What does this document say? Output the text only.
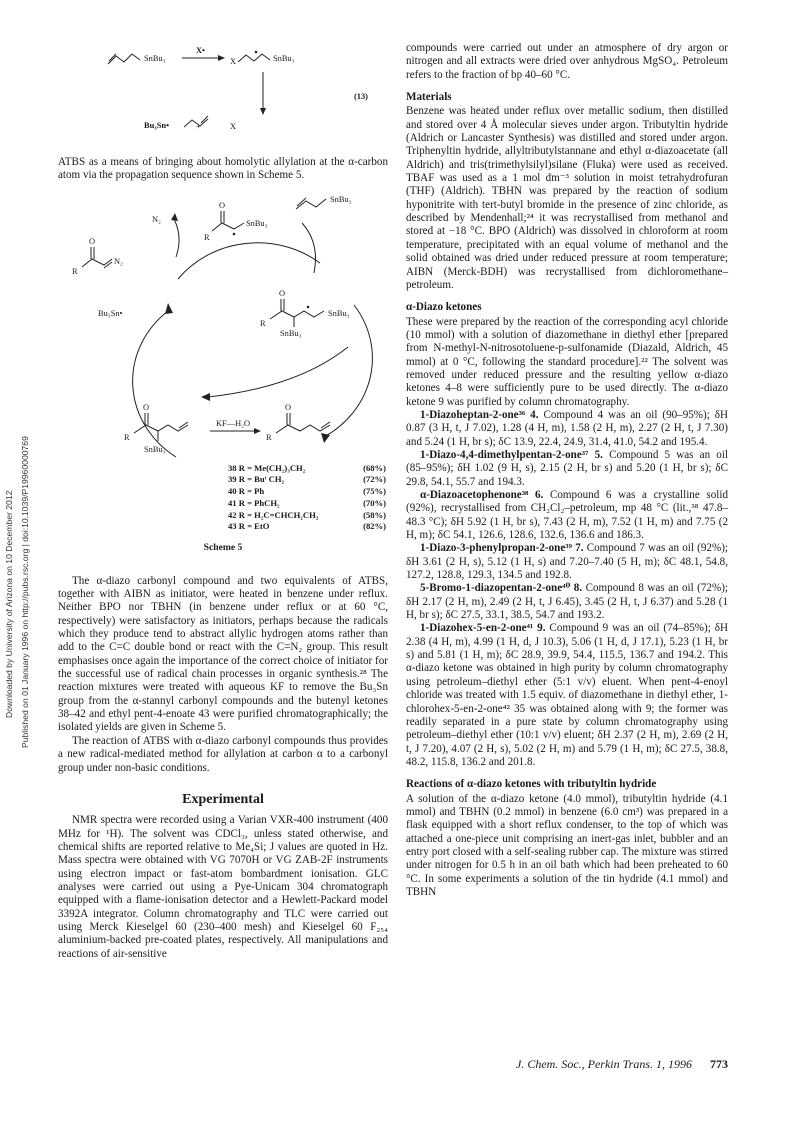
Downloaded by University of Arizona on 10 December 2012 Published on 01 January 1996 on http://pubs.rsc.org | doi:10.1039/P19960000769
SnBu₃
X•
X	SnBu₃
Bu₃Sn•	+	X
(13)

ATBS as a means of bringing about homolytic allylation at the α-carbon atom via the propagation sequence shown in Scheme 5.

N₂
O
R
SnBu₃
SnBu₃
O
R
N₂
Bu₃Sn•
O
R
SnBu₃
SnBu₃
O
R
SnBu₃
KF—H₂O
O
R
38 R = Me(CH₂)₃CH₂	(68%)
39 R = Buᵗ CH₂	(72%)
40 R = Ph	(75%)
41 R = PhCH₂	(70%)
42 R = H₂C=CHCH₂CH₂	(58%)
43 R = EtO	(82%)
Scheme 5

The α-diazo carbonyl compound and two equivalents of ATBS, together with AIBN as initiator, were heated in benzene under reflux. Neither BPO nor TBHN (in benzene under reflux or at 60 °C, respectively) were satisfactory as initiators, perhaps because the radicals which they produce tend to abstract allylic hydrogen atoms rather than add to the C=C double bond or react with the C=N₂ group. This result emphasises once again the importance of the correct choice of initiator for the successful use of radical chain processes in organic synthesis.²⁸ The reaction mixtures were treated with aqueous KF to remove the Bu₃Sn group from the α-stannyl carbonyl compounds and the butenyl ketones 38–42 and ethyl pent-4-enoate 43 were purified chromatographically; the isolated yields are given in Scheme 5.

The reaction of ATBS with α-diazo carbonyl compounds thus provides a new radical-mediated method for allylation at carbon α to a carbonyl group under non-basic conditions.

Experimental

NMR spectra were recorded using a Varian VXR-400 instrument (400 MHz for ¹H). The solvent was CDCl₃, unless stated otherwise, and chemical shifts are reported relative to Me₄Si; J values are quoted in Hz. Mass spectra were obtained with VG 7070H or VG ZAB-2F instruments using electron impact or fast-atom bombardment ionisation. GLC analyses were carried out using a Pye-Unicam 304 chromatograph equipped with a flame-ionisation detector and a Hewlett-Packard model 3392A integrator. Column chromatography and TLC were carried out using Merck Kieselgel 60 (230–400 mesh) and Kieselgel 60 F₂₅₄ aluminium-backed pre-coated plates, respectively. All manipulations and reactions of air-sensitive

compounds were carried out under an atmosphere of dry argon or nitrogen and all extracts were dried over anhydrous MgSO₄. Petroleum refers to the fraction of bp 40–60 °C.

Materials

Benzene was heated under reflux over metallic sodium, then distilled and stored over 4 Å molecular sieves under argon. Tributyltin hydride (Aldrich or Lancaster Synthesis) was distilled and stored under argon. Triphenyltin hydride, allyltributylstannane and ethyl α-diazoacetate (all Aldrich) and tris(trimethylsilyl)silane (Fluka) were used as received. TBAF was used as a 1 mol dm⁻³ solution in moist tetrahydrofuran (THF) (Aldrich). TBHN was prepared by the reaction of sodium hyponitrite with tert-butyl bromide in the presence of zinc chloride, as described by Mendenhall;²⁴ it was recrystallised from methanol and stored at −18 °C. BPO (Aldrich) was dissolved in chloroform at room temperature, precipitated with an equal volume of methanol and the solid obtained was dried under reduced pressure at room temperature; AIBN (Merck-BDH) was recrystallised from dichloromethane–petroleum.

α-Diazo ketones

These were prepared by the reaction of the corresponding acyl chloride (10 mmol) with a solution of diazomethane in diethyl ether [prepared from N-methyl-N-nitrosotoluene-p-sulfonamide (Diazald, Aldrich, 45 mmol) at 0 °C, following the standard procedure].²² The solvent was removed under reduced pressure and the resulting yellow α-diazo ketones 4–8 were sufficiently pure to be used directly. The α-diazo ketone 9 was purified by column chromatography.

1-Diazoheptan-2-one³⁶ 4. Compound 4 was an oil (90–95%); δH 0.87 (3 H, t, J 7.02), 1.28 (4 H, m), 1.58 (2 H, m), 2.27 (2 H, t, J 7.30) and 5.24 (1 H, br s); δC 13.9, 22.4, 24.9, 31.4, 41.0, 54.2 and 195.4.

1-Diazo-4,4-dimethylpentan-2-one³⁷ 5. Compound 5 was an oil (85–95%); δH 1.02 (9 H, s), 2.15 (2 H, br s) and 5.20 (1 H, br s); δC 29.8, 54.1, 55.7 and 194.3.

α-Diazoacetophenone³⁸ 6. Compound 6 was a crystalline solid (92%), recrystallised from CH₂Cl₂–petroleum, mp 48 °C (lit.,³⁸ 47.8–48.3 °C); δH 5.92 (1 H, br s), 7.43 (2 H, m), 7.52 (1 H, m) and 7.75 (2 H, m); δC 54.1, 126.6, 128.6, 132.6, 136.6 and 186.3.

1-Diazo-3-phenylpropan-2-one³⁹ 7. Compound 7 was an oil (92%); δH 3.61 (2 H, s), 5.12 (1 H, s) and 7.20–7.40 (5 H, m); δC 48.1, 54.8, 127.2, 128.8, 129.3, 134.5 and 192.8.

5-Bromo-1-diazopentan-2-one⁴⁰ 8. Compound 8 was an oil (72%); δH 2.17 (2 H, m), 2.49 (2 H, t, J 6.45), 3.45 (2 H, t, J 6.37) and 5.28 (1 H, br s); δC 27.5, 33.1, 38.5, 54.7 and 193.2.

1-Diazohex-5-en-2-one⁴¹ 9. Compound 9 was an oil (74–85%); δH 2.38 (4 H, m), 4.99 (1 H, d, J 10.3), 5.06 (1 H, d, J 17.1), 5.23 (1 H, br s) and 5.81 (1 H, m); δC 28.9, 39.9, 54.4, 115.5, 136.7 and 194.2. This α-diazo ketone was obtained in high purity by column chromatography using petroleum–diethyl ether (5:1 v/v) eluent. When pent-4-enoyl chloride was treated with 1.5 equiv. of diazomethane in diethyl ether, 1-chlorohex-5-en-2-one⁴² 35 was obtained along with 9; the former was readily separated in a pure state by column chromatography using petroleum–diethyl ether (10:1 v/v) eluent; δH 2.37 (2 H, m), 2.69 (2 H, t, J 7.20), 4.07 (2 H, s), 5.02 (2 H, m) and 5.79 (1 H, m); δC 27.5, 38.8, 48.2, 115.8, 136.2 and 201.8.

Reactions of α-diazo ketones with tributyltin hydride

A solution of the α-diazo ketone (4.0 mmol), tributyltin hydride (4.1 mmol) and TBHN (0.2 mmol) in benzene (6.0 cm³) was prepared in a flask equipped with a short reflux condenser, to the top of which was attached a one-piece unit comprising an inert-gas inlet, bubbler and an entry port closed with a self-sealing rubber cap. The mixture was stirred under nitrogen for 0.5 h in an oil bath which had been preheated to 60 °C. In some experiments a solution of the tin hydride (4.1 mmol) and TBHN

J. Chem. Soc., Perkin Trans. 1, 1996 773
